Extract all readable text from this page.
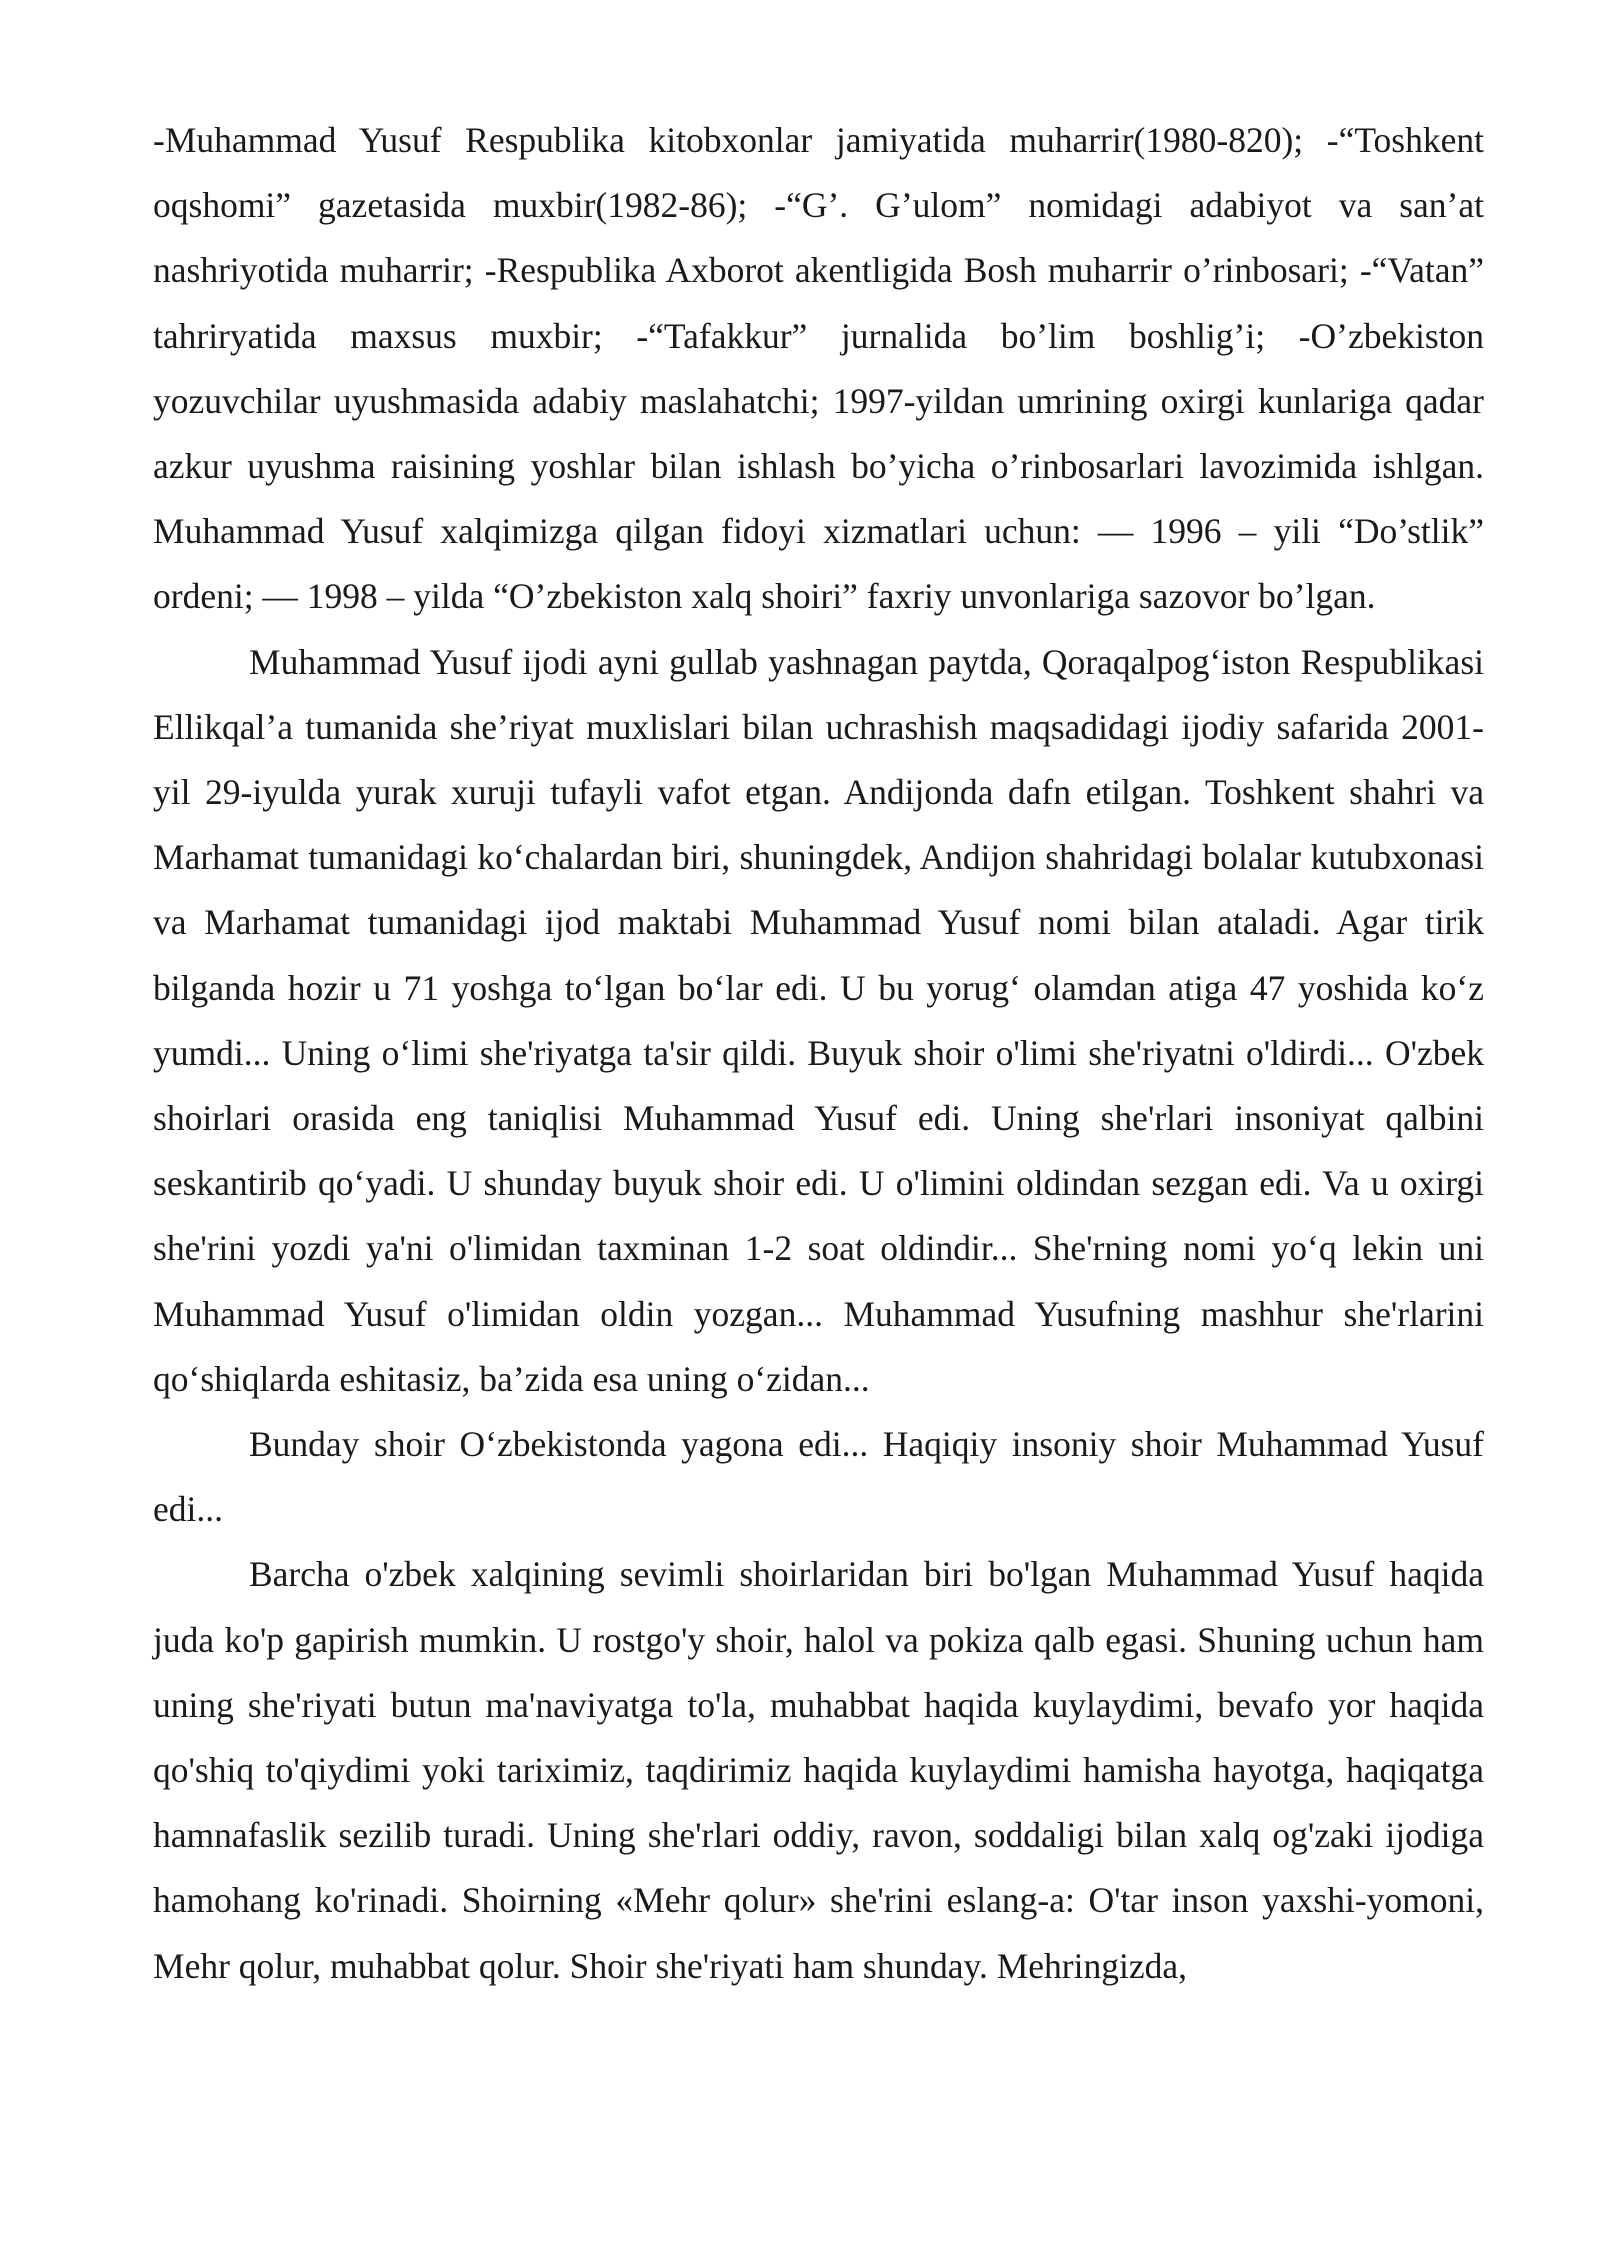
-Muhammad Yusuf Respublika kitobxonlar jamiyatida muharrir(1980-820); -“Toshkent oqshomi” gazetasida muxbir(1982-86); -“G’. G’ulom” nomidagi adabiyot va san’at nashriyotida muharrir; -Respublika Axborot akentligida Bosh muharrir o’rinbosari; -“Vatan” tahriryatida maxsus muxbir; -“Tafakkur” jurnalida bo’lim boshlig’i; -O’zbekiston yozuvchilar uyushmasida adabiy maslahatchi; 1997-yildan umrining oxirgi kunlariga qadar azkur uyushma raisining yoshlar bilan ishlash bo’yicha o’rinbosarlari lavozimida ishlgan. Muhammad Yusuf xalqimizga qilgan fidoyi xizmatlari uchun: — 1996 – yili “Do’stlik” ordeni; — 1998 – yilda “O’zbekiston xalq shoiri” faxriy unvonlariga sazovor bo’lgan.

Muhammad Yusuf ijodi ayni gullab yashnagan paytda, Qoraqalpog‘iston Respublikasi Ellikqal’a tumanida she’riyat muxlislari bilan uchrashish maqsadidagi ijodiy safarida 2001-yil 29-iyulda yurak xuruji tufayli vafot etgan. Andijonda dafn etilgan. Toshkent shahri va Marhamat tumanidagi ko‘chalardan biri, shuningdek, Andijon shahridagi bolalar kutubxonasi va Marhamat tumanidagi ijod maktabi Muhammad Yusuf nomi bilan ataladi. Agar tirik bilganda hozir u 71 yoshga to‘lgan bo‘lar edi. U bu yorug‘ olamdan atiga 47 yoshida ko‘z yumdi... Uning o‘limi she'riyatga ta'sir qildi. Buyuk shoir o'limi she'riyatni o'ldirdi... O'zbek shoirlari orasida eng taniqlisi Muhammad Yusuf edi. Uning she'rlari insoniyat qalbini seskantirib qo‘yadi. U shunday buyuk shoir edi. U o'limini oldindan sezgan edi. Va u oxirgi she'rini yozdi ya'ni o'limidan taxminan 1-2 soat oldindir... She'rning nomi yo‘q lekin uni Muhammad Yusuf o'limidan oldin yozgan... Muhammad Yusufning mashhur she'rlarini qo‘shiqlarda eshitasiz, ba’zida esa uning o‘zidan...

Bunday shoir O‘zbekistonda yagona edi... Haqiqiy insoniy shoir Muhammad Yusuf edi...

Barcha o'zbek xalqining sevimli shoirlaridan biri bo'lgan Muhammad Yusuf haqida juda ko'p gapirish mumkin. U rostgo'y shoir, halol va pokiza qalb egasi. Shuning uchun ham uning she'riyati butun ma'naviyatga to'la, muhabbat haqida kuylaydimi, bevafo yor haqida qo'shiq to'qiydimi yoki tariximiz, taqdirimiz haqida kuylaydimi hamisha hayotga, haqiqatga hamnafaslik sezilib turadi. Uning she'rlari oddiy, ravon, soddaligi bilan xalq og'zaki ijodiga hamohang ko'rinadi. Shoirning «Mehr qolur» she'rini eslang-a: O'tar inson yaxshi-yomoni, Mehr qolur, muhabbat qolur. Shoir she'riyati ham shunday. Mehringizda,
